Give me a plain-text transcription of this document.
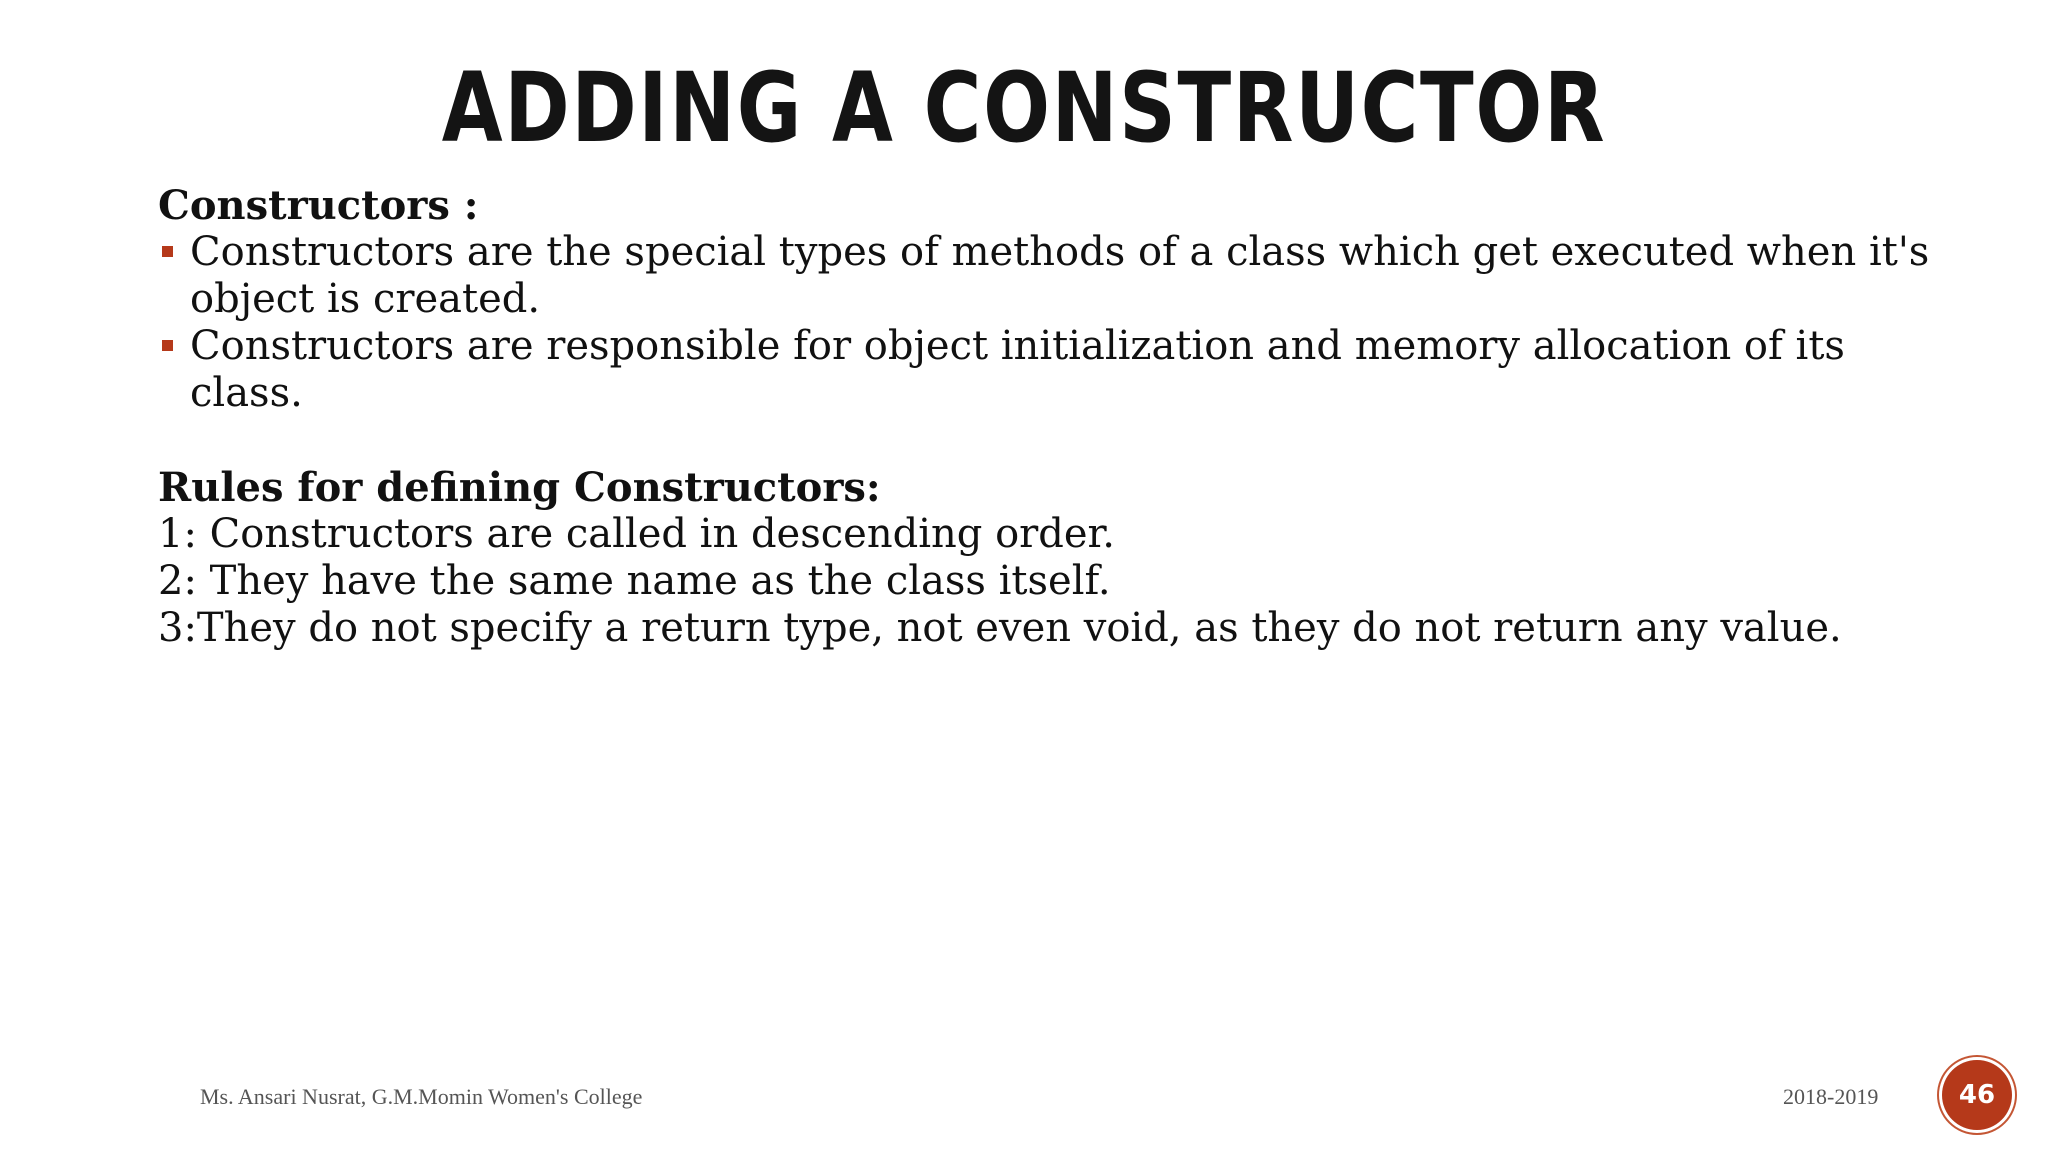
ADDING A CONSTRUCTOR
Constructors :
Constructors are the special types of methods of a class which get executed when it's object is created.
Constructors are responsible for object initialization and memory allocation of its class.
Rules for defining Constructors:
1: Constructors are called in descending order.
2: They have the same name as the class itself.
3:They do not specify a return type, not even void, as they do not return any value.
Ms. Ansari Nusrat, G.M.Momin Women's College	2018-2019	46
